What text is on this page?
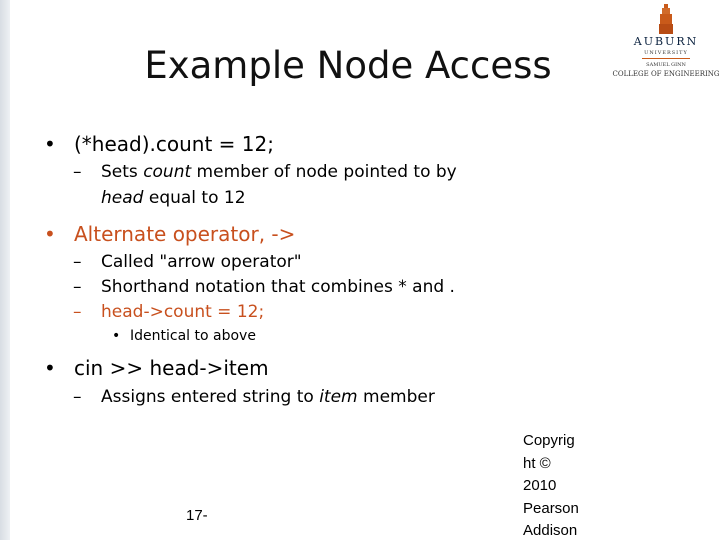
Example Node Access
AUBURN
UNIVERSITY
SAMUEL GINN
COLLEGE OF ENGINEERING
• (*head).count = 12;
– Sets count member of node pointed to by
head equal to 12
• Alternate operator, ->
– Called "arrow operator"
– Shorthand notation that combines * and .
– head->count = 12;
• Identical to above
• cin >> head->item
– Assigns entered string to item member
17-
Copyrig
ht ©
2010
Pearson
Addison
